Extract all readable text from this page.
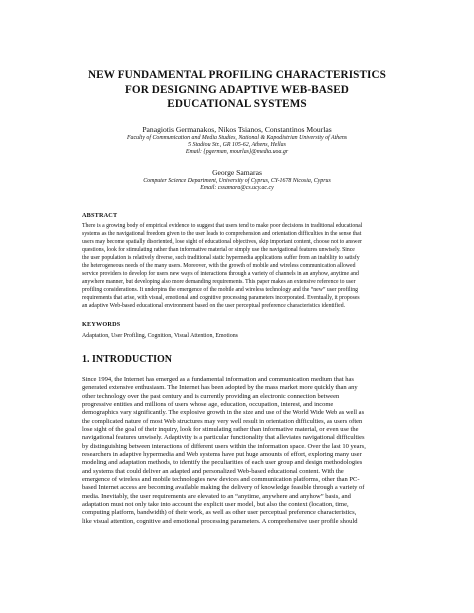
NEW FUNDAMENTAL PROFILING CHARACTERISTICS
FOR DESIGNING ADAPTIVE WEB-BASED
EDUCATIONAL SYSTEMS
Panagiotis Germanakos, Nikos Tsianos, Constantinos Mourlas
Faculty of Communication and Media Studies, National & Kapodistrian University of Athens
5 Stadiou Str., GR 105-62, Athens, Hellas
Email: {pgerman, mourlas}@media.uoa.gr
George Samaras
Computer Science Department, University of Cyprus, CY-1678 Nicosia, Cyprus
Email: cssamara@cs.ucy.ac.cy
ABSTRACT
There is a growing body of empirical evidence to suggest that users tend to make poor decisions in traditional educational
systems as the navigational freedom given to the user leads to comprehension and orientation difficulties in the sense that
users may become spatially disoriented, lose sight of educational objectives, skip important content, choose not to answer
questions, look for stimulating rather than informative material or simply use the navigational features unwisely. Since
the user population is relatively diverse, such traditional static hypermedia applications suffer from an inability to satisfy
the heterogeneous needs of the many users. Moreover, with the growth of mobile and wireless communication allowed
service providers to develop for users new ways of interactions through a variety of channels in an anyhow, anytime and
anywhere manner, but developing also more demanding requirements. This paper makes an extensive reference to user
profiling considerations. It underpins the emergence of the mobile and wireless technology and the “new” user profiling
requirements that arise, with visual, emotional and cognitive processing parameters incorporated. Eventually, it proposes
an adaptive Web-based educational environment based on the user perceptual preference characteristics identified.
KEYWORDS
Adaptation, User Profiling, Cognition, Visual Attention, Emotions
1. INTRODUCTION
Since 1994, the Internet has emerged as a fundamental information and communication medium that has
generated extensive enthusiasm. The Internet has been adopted by the mass market more quickly than any
other technology over the past century and is currently providing an electronic connection between
progressive entities and millions of users whose age, education, occupation, interest, and income
demographics vary significantly. The explosive growth in the size and use of the World Wide Web as well as
the complicated nature of most Web structures may very well result in orientation difficulties, as users often
lose sight of the goal of their inquiry, look for stimulating rather than informative material, or even use the
navigational features unwisely. Adaptivity is a particular functionality that alleviates navigational difficulties
by distinguishing between interactions of different users within the information space. Over the last 10 years,
researchers in adaptive hypermedia and Web systems have put huge amounts of effort, exploring many user
modeling and adaptation methods, to identify the peculiarities of each user group and design methodologies
and systems that could deliver an adapted and personalized Web-based educational content. With the
emergence of wireless and mobile technologies new devices and communication platforms, other than PC-
based Internet access are becoming available making the delivery of knowledge feasible through a variety of
media. Inevitably, the user requirements are elevated to an “anytime, anywhere and anyhow” basis, and
adaptation must not only take into account the explicit user model, but also the context (location, time,
computing platform, bandwidth) of their work, as well as other user perceptual preference characteristics,
like visual attention, cognitive and emotional processing parameters. A comprehensive user profile should
